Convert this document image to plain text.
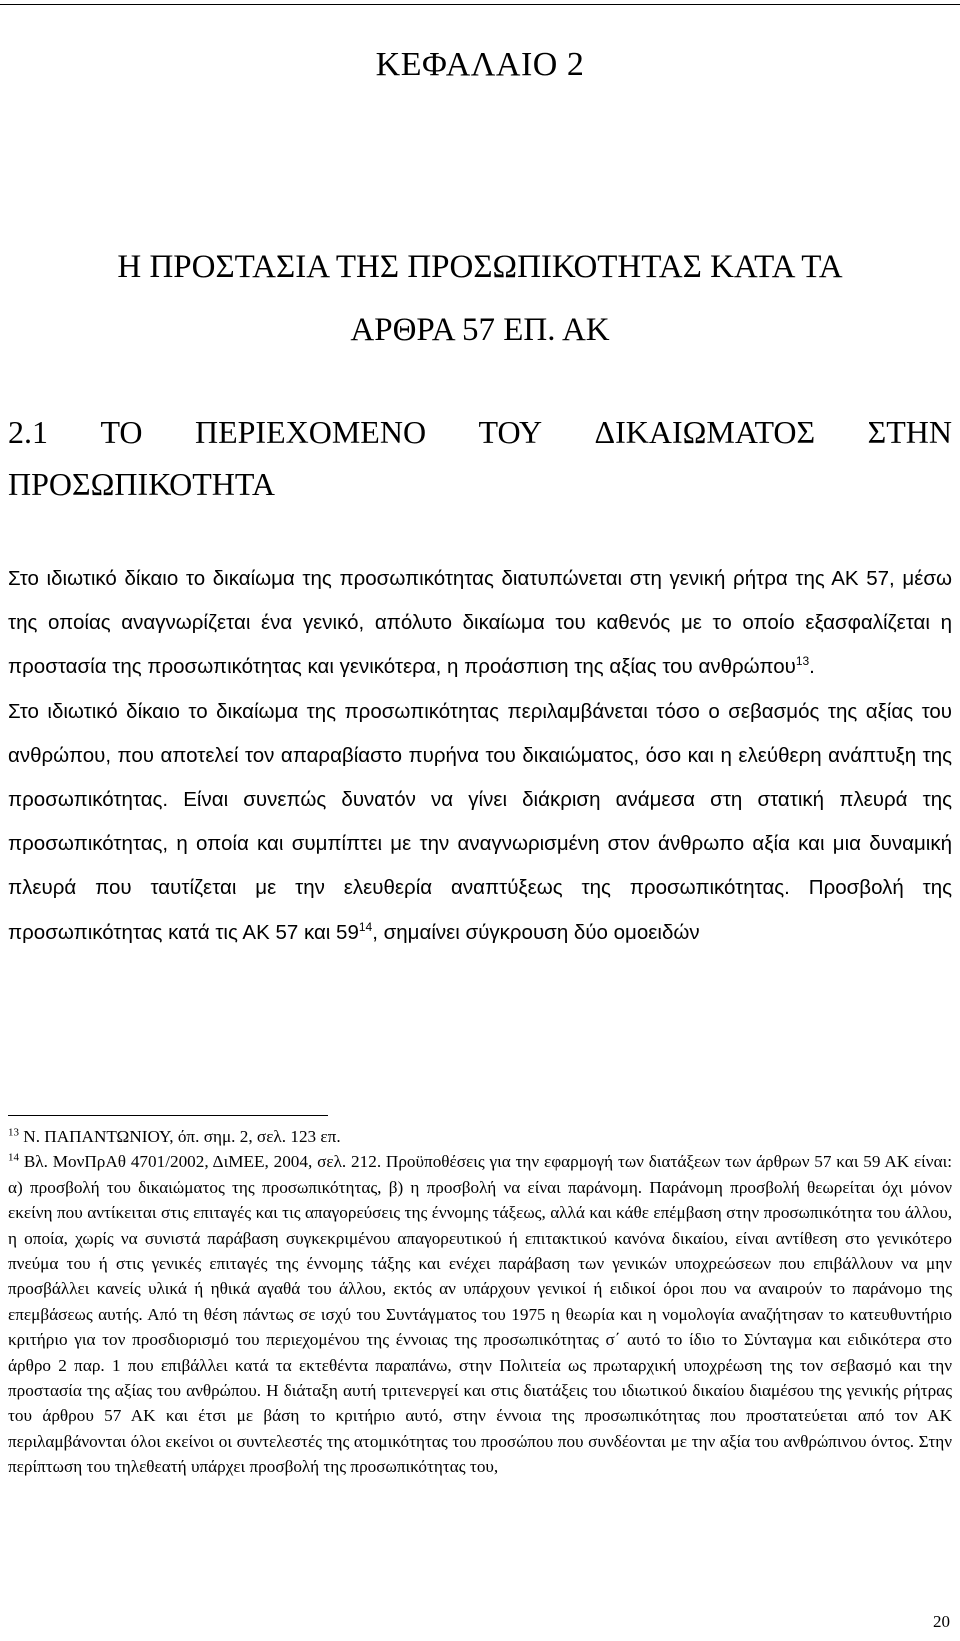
ΚΕΦΑΛΑΙΟ 2
Η ΠΡΟΣΤΑΣΙΑ ΤΗΣ ΠΡΟΣΩΠΙΚΟΤΗΤΑΣ ΚΑΤΑ ΤΑ
ΑΡΘΡΑ 57 ΕΠ. ΑΚ
2.1 ΤΟ ΠΕΡΙΕΧΟΜΕΝΟ ΤΟΥ ΔΙΚΑΙΩΜΑΤΟΣ ΣΤΗΝ
ΠΡΟΣΩΠΙΚΟΤΗΤΑ

Στο ιδιωτικό δίκαιο το δικαίωμα της προσωπικότητας διατυπώνεται στη γενική ρήτρα της ΑΚ 57, μέσω της οποίας αναγνωρίζεται ένα γενικό, απόλυτο δικαίωμα του καθενός με το οποίο εξασφαλίζεται η προστασία της προσωπικότητας και γενικότερα, η προάσπιση της αξίας του ανθρώπου$^{13}$.

Στο ιδιωτικό δίκαιο το δικαίωμα της προσωπικότητας περιλαμβάνεται τόσο ο σεβασμός της αξίας του ανθρώπου, που αποτελεί τον απαραβίαστο πυρήνα του δικαιώματος, όσο και η ελεύθερη ανάπτυξη της προσωπικότητας. Είναι συνεπώς δυνατόν να γίνει διάκριση ανάμεσα στη στατική πλευρά της προσωπικότητας, η οποία και συμπίπτει με την αναγνωρισμένη στον άνθρωπο αξία και μια δυναμική πλευρά που ταυτίζεται με την ελευθερία αναπτύξεως της προσωπικότητας. Προσβολή της προσωπικότητας κατά τις ΑΚ 57 και $59^{14}$, σημαίνει σύγκρουση δύο ομοειδών

$^{13}$ Ν. ΠΑΠΑΝΤΩΝΙΟΥ, όπ. σημ. 2, σελ. 123 επ.

$^{14}$ Βλ. ΜονΠρΑθ 4701/2002, ΔιΜΕΕ, 2004, σελ. 212. Προϋποθέσεις για την εφαρμογή των διατάξεων των άρθρων 57 και 59 ΑΚ είναι: α) προσβολή του δικαιώματος της προσωπικότητας, β) η προσβολή να είναι παράνομη. Παράνομη προσβολή θεωρείται όχι μόνον εκείνη που αντίκειται στις επιταγές και τις απαγορεύσεις της έννομης τάξεως, αλλά και κάθε επέμβαση στην προσωπικότητα του άλλου, η οποία, χωρίς να συνιστά παράβαση συγκεκριμένου απαγορευτικού ή επιτακτικού κανόνα δικαίου, είναι αντίθεση στο γενικότερο πνεύμα του ή στις γενικές επιταγές της έννομης τάξης και ενέχει παράβαση των γενικών υποχρεώσεων που επιβάλλουν να μην προσβάλλει κανείς υλικά ή ηθικά αγαθά του άλλου, εκτός αν υπάρχουν γενικοί ή ειδικοί όροι που να αναιρούν το παράνομο της επεμβάσεως αυτής. Από τη θέση πάντως σε ισχύ του Συντάγματος του 1975 η θεωρία και η νομολογία αναζήτησαν το κατευθυντήριο κριτήριο για τον προσδιορισμό του περιεχομένου της έννοιας της προσωπικότητας σ΄ αυτό το ίδιο το Σύνταγμα και ειδικότερα στο άρθρο 2 παρ. 1 που επιβάλλει κατά τα εκτεθέντα παραπάνω, στην Πολιτεία ως πρωταρχική υποχρέωση της τον σεβασμό και την προστασία της αξίας του ανθρώπου. Η διάταξη αυτή τριτενεργεί και στις διατάξεις του ιδιωτικού δικαίου διαμέσου της γενικής ρήτρας του άρθρου 57 ΑΚ και έτσι με βάση το κριτήριο αυτό, στην έννοια της προσωπικότητας που προστατεύεται από τον ΑΚ περιλαμβάνονται όλοι εκείνοι οι συντελεστές της ατομικότητας του προσώπου που συνδέονται με την αξία του ανθρώπινου όντος. Στην περίπτωση του τηλεθεατή υπάρχει προσβολή της προσωπικότητας του,

20
